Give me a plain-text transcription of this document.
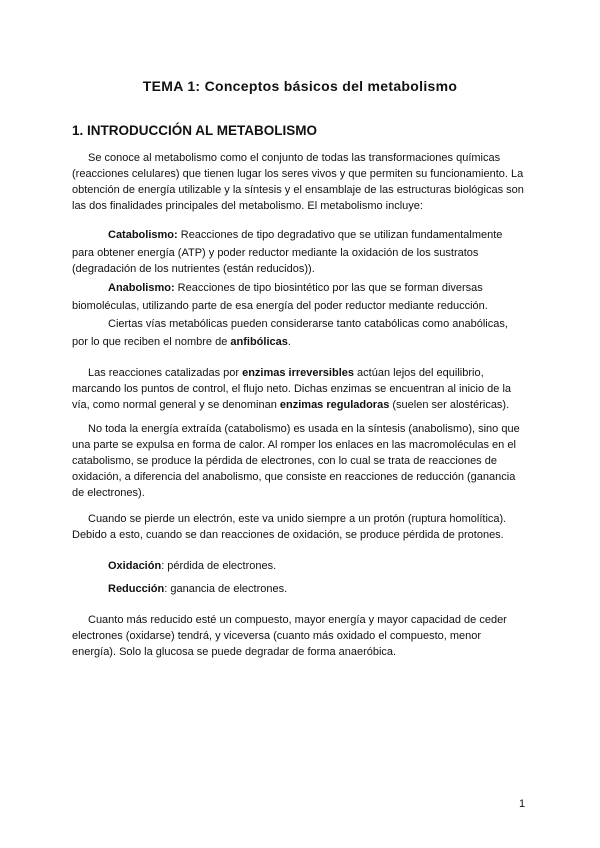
TEMA 1: Conceptos básicos del metabolismo
1. INTRODUCCIÓN AL METABOLISMO

Se conoce al metabolismo como el conjunto de todas las transformaciones químicas (reacciones celulares) que tienen lugar los seres vivos y que permiten su funcionamiento. La obtención de energía utilizable y la síntesis y el ensamblaje de las estructuras biológicas son las dos finalidades principales del metabolismo. El metabolismo incluye:

Catabolismo: Reacciones de tipo degradativo que se utilizan fundamentalmente

para obtener energía (ATP) y poder reductor mediante la oxidación de los sustratos (degradación de los nutrientes (están reducidos)).

Anabolismo: Reacciones de tipo biosintético por las que se forman diversas

biomoléculas, utilizando parte de esa energía del poder reductor mediante reducción.

Ciertas vías metabólicas pueden considerarse tanto catabólicas como anabólicas,

por lo que reciben el nombre de anfibólicas.

Las reacciones catalizadas por enzimas irreversibles actúan lejos del equilibrio, marcando los puntos de control, el flujo neto. Dichas enzimas se encuentran al inicio de la vía, como normal general y se denominan enzimas reguladoras (suelen ser alostéricas).

No toda la energía extraída (catabolismo) es usada en la síntesis (anabolismo), sino que una parte se expulsa en forma de calor. Al romper los enlaces en las macromoléculas en el catabolismo, se produce la pérdida de electrones, con lo cual se trata de reacciones de oxidación, a diferencia del anabolismo, que consiste en reacciones de reducción (ganancia de electrones).

Cuando se pierde un electrón, este va unido siempre a un protón (ruptura homolítica). Debido a esto, cuando se dan reacciones de oxidación, se produce pérdida de protones.

Oxidación: pérdida de electrones.

Reducción: ganancia de electrones.

Cuanto más reducido esté un compuesto, mayor energía y mayor capacidad de ceder electrones (oxidarse) tendrá, y viceversa (cuanto más oxidado el compuesto, menor energía). Solo la glucosa se puede degradar de forma anaeróbica.

1
